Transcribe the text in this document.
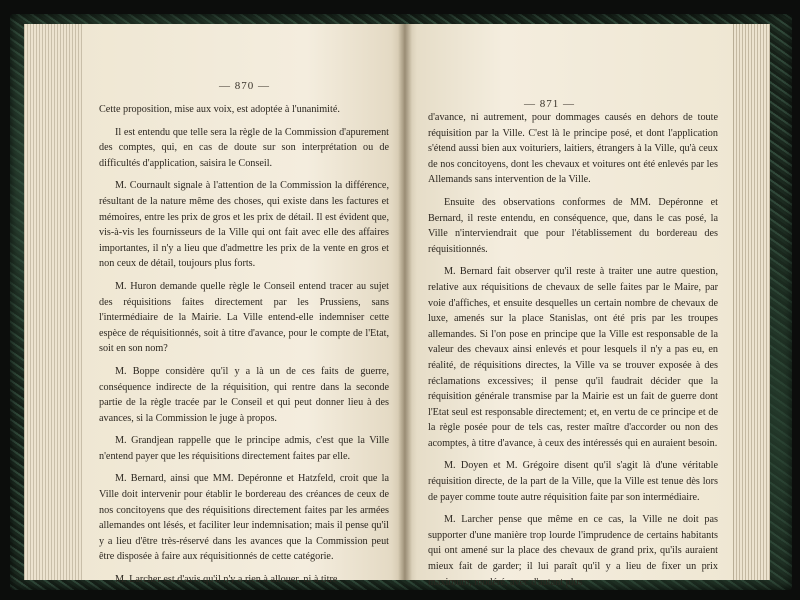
— 870 —

Cette proposition, mise aux voix, est adoptée à l'unanimité.

Il est entendu que telle sera la règle de la Commission d'apurement des comptes, qui, en cas de doute sur son interprétation ou de difficultés d'application, saisira le Conseil.

M. Cournault signale à l'attention de la Commission la différence, résultant de la nature même des choses, qui existe dans les factures et mémoires, entre les prix de gros et les prix de détail. Il est évident que, vis-à-vis les fournisseurs de la Ville qui ont fait avec elle des affaires importantes, il n'y a lieu que d'admettre les prix de la vente en gros et non ceux de détail, toujours plus forts.

M. Huron demande quelle règle le Conseil entend tracer au sujet des réquisitions faites directement par les Prussiens, sans l'intermédiaire de la Mairie. La Ville entend-elle indemniser cette espèce de réquisitionnés, soit à titre d'avance, pour le compte de l'Etat, soit en son nom?

M. Boppe considère qu'il y a là un de ces faits de guerre, conséquence indirecte de la réquisition, qui rentre dans la seconde partie de la règle tracée par le Conseil et qui peut donner lieu à des avances, si la Commission le juge à propos.

M. Grandjean rappelle que le principe admis, c'est que la Ville n'entend payer que les réquisitions directement faites par elle.

M. Bernard, ainsi que MM. Depéronne et Hatzfeld, croit que la Ville doit intervenir pour établir le bordereau des créances de ceux de nos concitoyens que des réquisitions directement faites par les armées allemandes ont lésés, et faciliter leur indemnisation; mais il pense qu'il y a lieu d'être très-réservé dans les avances que la Commission peut être disposée à faire aux réquisitionnés de cette catégorie.

M. Larcher est d'avis qu'il n'y a rien à allouer, ni à titre

— 871 —

d'avance, ni autrement, pour dommages causés en dehors de toute réquisition par la Ville. C'est là le principe posé, et dont l'application s'étend aussi bien aux voituriers, laitiers, étrangers à la Ville, qu'à ceux de nos concitoyens, dont les chevaux et voitures ont été enlevés par les Allemands sans intervention de la Ville.

Ensuite des observations conformes de MM. Depéronne et Bernard, il reste entendu, en conséquence, que, dans le cas posé, la Ville n'interviendrait que pour l'établissement du bordereau des réquisitionnés.

M. Bernard fait observer qu'il reste à traiter une autre question, relative aux réquisitions de chevaux de selle faites par le Maire, par voie d'affiches, et ensuite desquelles un certain nombre de chevaux de luxe, amenés sur la place Stanislas, ont été pris par les troupes allemandes. Si l'on pose en principe que la Ville est responsable de la valeur des chevaux ainsi enlevés et pour lesquels il n'y a pas eu, en réalité, de réquisitions directes, la Ville va se trouver exposée à des réclamations excessives; il pense qu'il faudrait décider que la réquisition générale transmise par la Mairie est un fait de guerre dont l'Etat seul est responsable directement; et, en vertu de ce principe et de la règle posée pour de tels cas, rester maître d'accorder ou non des acomptes, à titre d'avance, à ceux des intéressés qui en auraient besoin.

M. Doyen et M. Grégoire disent qu'il s'agit là d'une véritable réquisition directe, de la part de la Ville, que la Ville est tenue dès lors de payer comme toute autre réquisition faite par son intermédiaire.

M. Larcher pense que même en ce cas, la Ville ne doit pas supporter d'une manière trop lourde l'imprudence de certains habitants qui ont amené sur la place des chevaux de grand prix, qu'ils auraient mieux fait de garder; il lui paraît qu'il y a lieu de fixer un prix maximum, modéré, avec d'autant plus
